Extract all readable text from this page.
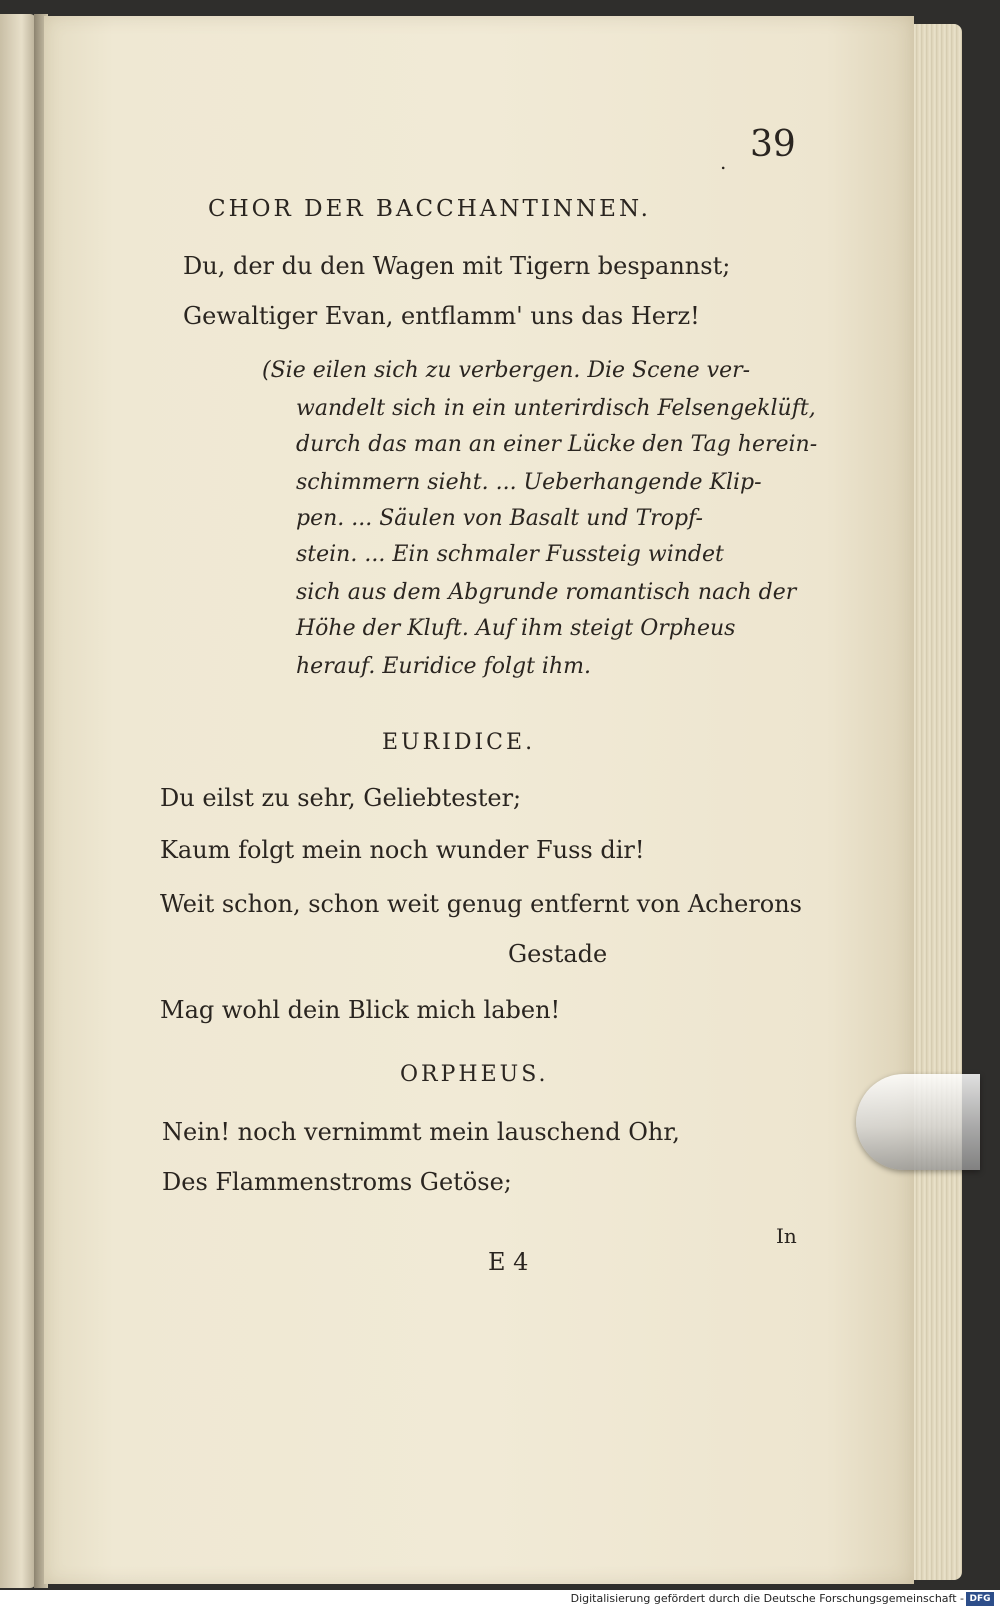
39
.
CHOR DER BACCHANTINNEN.
Du, der du den Wagen mit Tigern bespannst;
Gewaltiger Evan, entflamm' uns das Herz!
(Sie eilen sich zu verbergen. Die Scene ver-
wandelt sich in ein unterirdisch Felsengeklüft,
durch das man an einer Lücke den Tag herein-
schimmern sieht. ... Ueberhangende Klip-
pen. ... Säulen von Basalt und Tropf-
stein. ... Ein schmaler Fussteig windet
sich aus dem Abgrunde romantisch nach der
Höhe der Kluft. Auf ihm steigt Orpheus
herauf. Euridice folgt ihm.
EURIDICE.
Du eilst zu sehr, Geliebtester;
Kaum folgt mein noch wunder Fuss dir!
Weit schon, schon weit genug entfernt von Acherons
Gestade
Mag wohl dein Blick mich laben!
ORPHEUS.
Nein! noch vernimmt mein lauschend Ohr,
Des Flammenstroms Getöse;
In
E 4
Digitalisierung gefördert durch die Deutsche Forschungsgemeinschaft - DFG
